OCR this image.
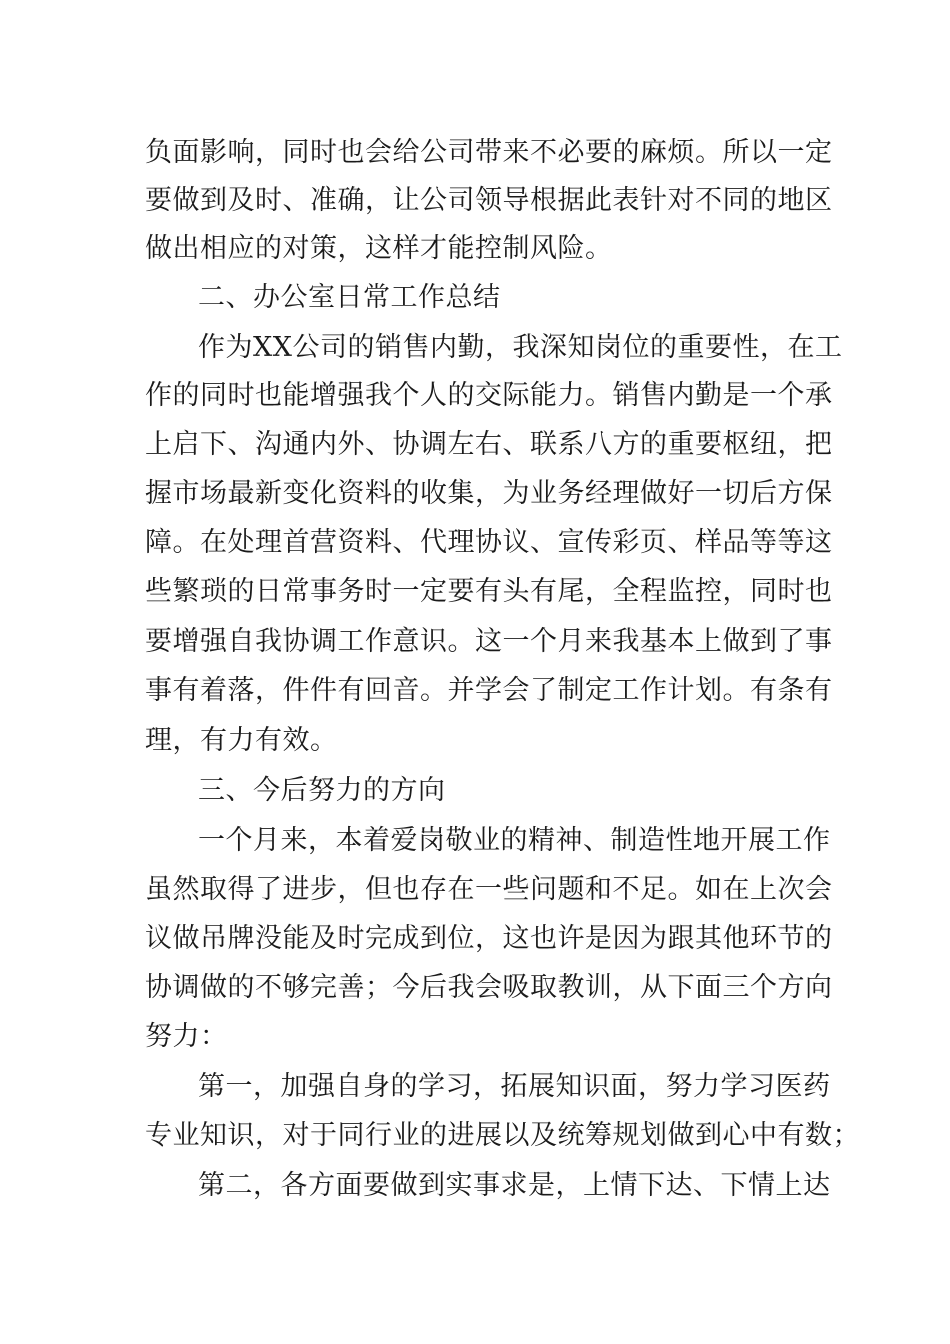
负面影响，同时也会给公司带来不必要的麻烦。所以一定
要做到及时、准确，让公司领导根据此表针对不同的地区
做出相应的对策，这样才能控制风险。
二、办公室日常工作总结
作为XX公司的销售内勤，我深知岗位的重要性，在工
作的同时也能增强我个人的交际能力。销售内勤是一个承
上启下、沟通内外、协调左右、联系八方的重要枢纽，把
握市场最新变化资料的收集，为业务经理做好一切后方保
障。在处理首营资料、代理协议、宣传彩页、样品等等这
些繁琐的日常事务时一定要有头有尾，全程监控，同时也
要增强自我协调工作意识。这一个月来我基本上做到了事
事有着落，件件有回音。并学会了制定工作计划。有条有
理，有力有效。
三、今后努力的方向
一个月来，本着爱岗敬业的精神、制造性地开展工作
虽然取得了进步，但也存在一些问题和不足。如在上次会
议做吊牌没能及时完成到位，这也许是因为跟其他环节的
协调做的不够完善；今后我会吸取教训，从下面三个方向
努力：
第一，加强自身的学习，拓展知识面，努力学习医药
专业知识，对于同行业的进展以及统筹规划做到心中有数；
第二，各方面要做到实事求是，上情下达、下情上达
